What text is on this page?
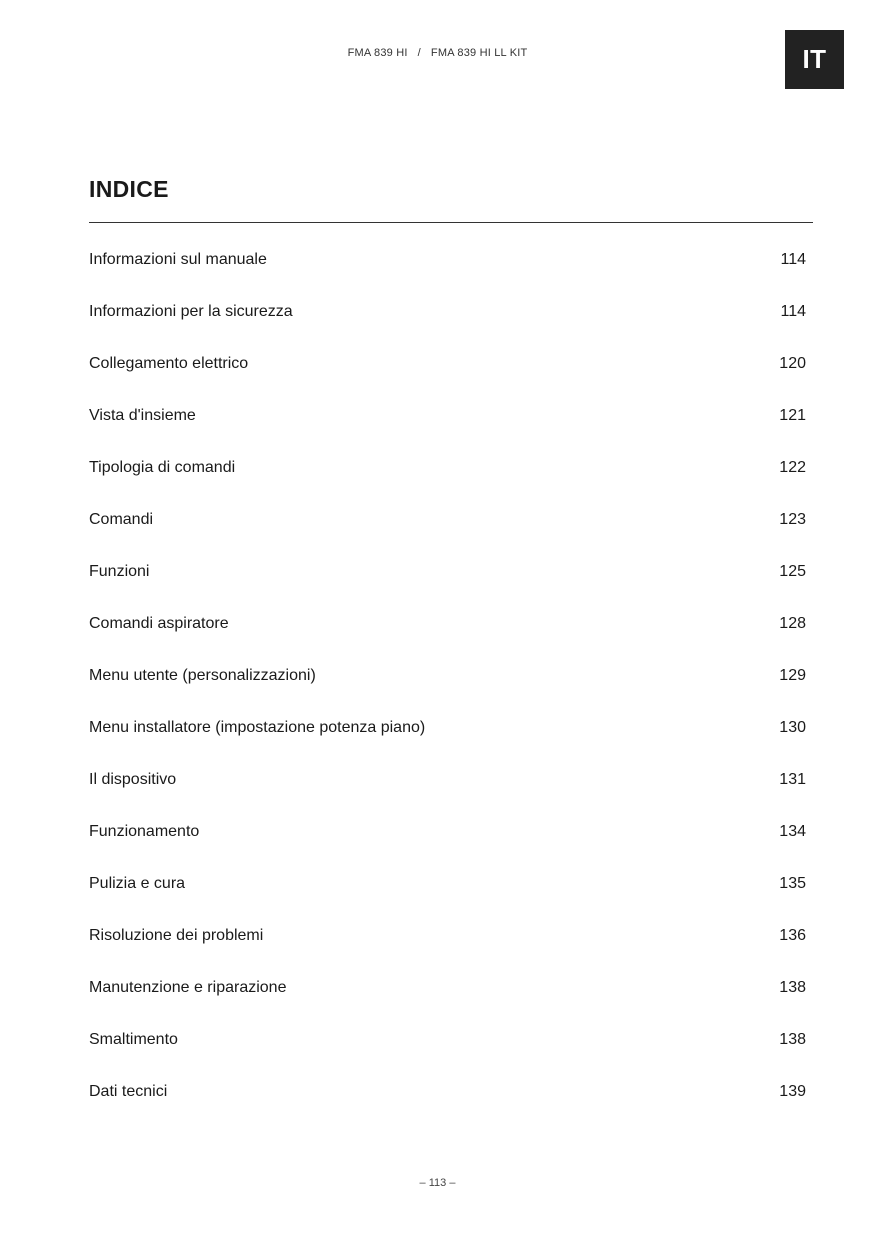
FMA 839 HI / FMA 839 HI LL KIT	IT
INDICE
Informazioni sul manuale	114
Informazioni per la sicurezza	114
Collegamento elettrico	120
Vista d'insieme	121
Tipologia di comandi	122
Comandi	123
Funzioni	125
Comandi aspiratore	128
Menu utente (personalizzazioni)	129
Menu installatore (impostazione potenza piano)	130
Il dispositivo	131
Funzionamento	134
Pulizia e cura	135
Risoluzione dei problemi	136
Manutenzione e riparazione	138
Smaltimento	138
Dati tecnici	139
– 113 –
